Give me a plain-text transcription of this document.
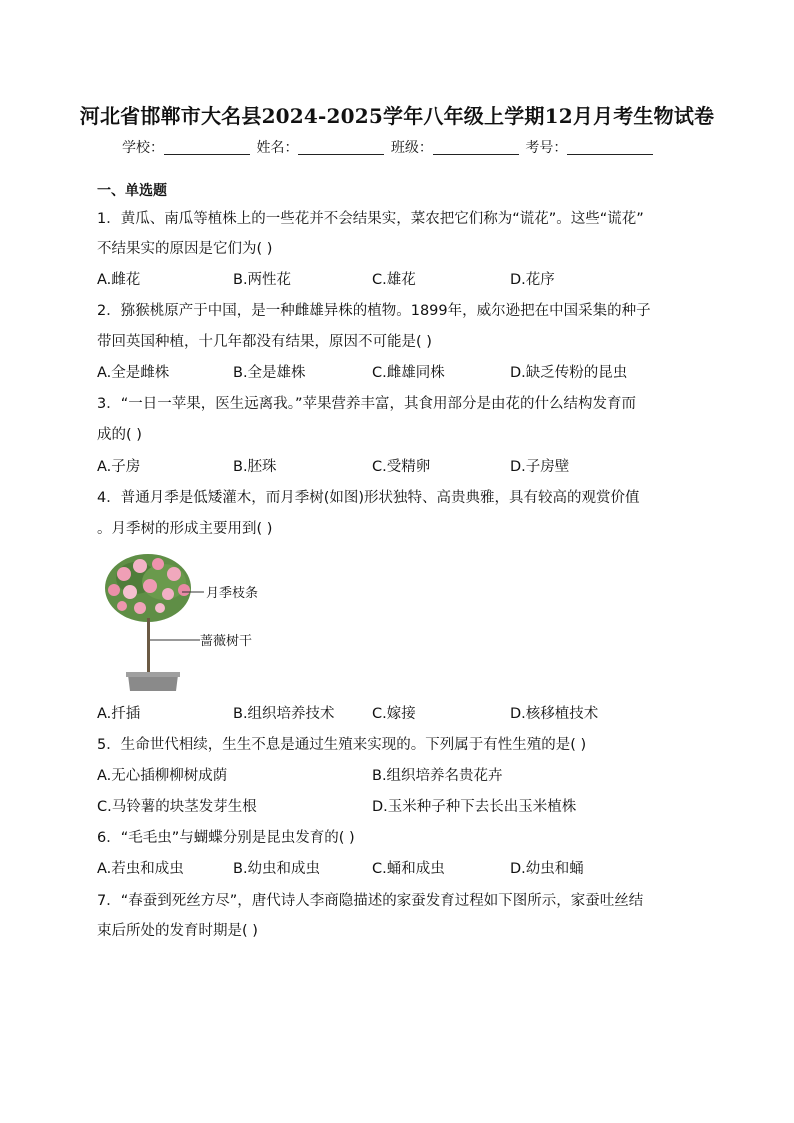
河北省邯郸市大名县2024-2025学年八年级上学期12月月考生物试卷
学校：	姓名：	班级：	考号：
一、单选题
1．黄瓜、南瓜等植株上的一些花并不会结果实，菜农把它们称为“谎花”。这些“谎花”
不结果实的原因是它们为( )
A.雌花	B.两性花	C.雄花	D.花序
2．猕猴桃原产于中国，是一种雌雄异株的植物。1899年，威尔逊把在中国采集的种子
带回英国种植，十几年都没有结果，原因不可能是( )
A.全是雌株	B.全是雄株	C.雌雄同株	D.缺乏传粉的昆虫
3．“一日一苹果，医生远离我。”苹果营养丰富，其食用部分是由花的什么结构发育而
成的( )
A.子房	B.胚珠	C.受精卵	D.子房壁
4．普通月季是低矮灌木，而月季树(如图)形状独特、高贵典雅，具有较高的观赏价值
。月季树的形成主要用到( )
月季枝条
蔷薇树干
A.扦插	B.组织培养技术	C.嫁接	D.核移植技术
5．生命世代相续，生生不息是通过生殖来实现的。下列属于有性生殖的是( )
A.无心插柳柳树成荫	B.组织培养名贵花卉
C.马铃薯的块茎发芽生根	D.玉米种子种下去长出玉米植株
6．“毛毛虫”与蝴蝶分别是昆虫发育的( )
A.若虫和成虫	B.幼虫和成虫	C.蛹和成虫	D.幼虫和蛹
7．“春蚕到死丝方尽”，唐代诗人李商隐描述的家蚕发育过程如下图所示，家蚕吐丝结
束后所处的发育时期是( )
